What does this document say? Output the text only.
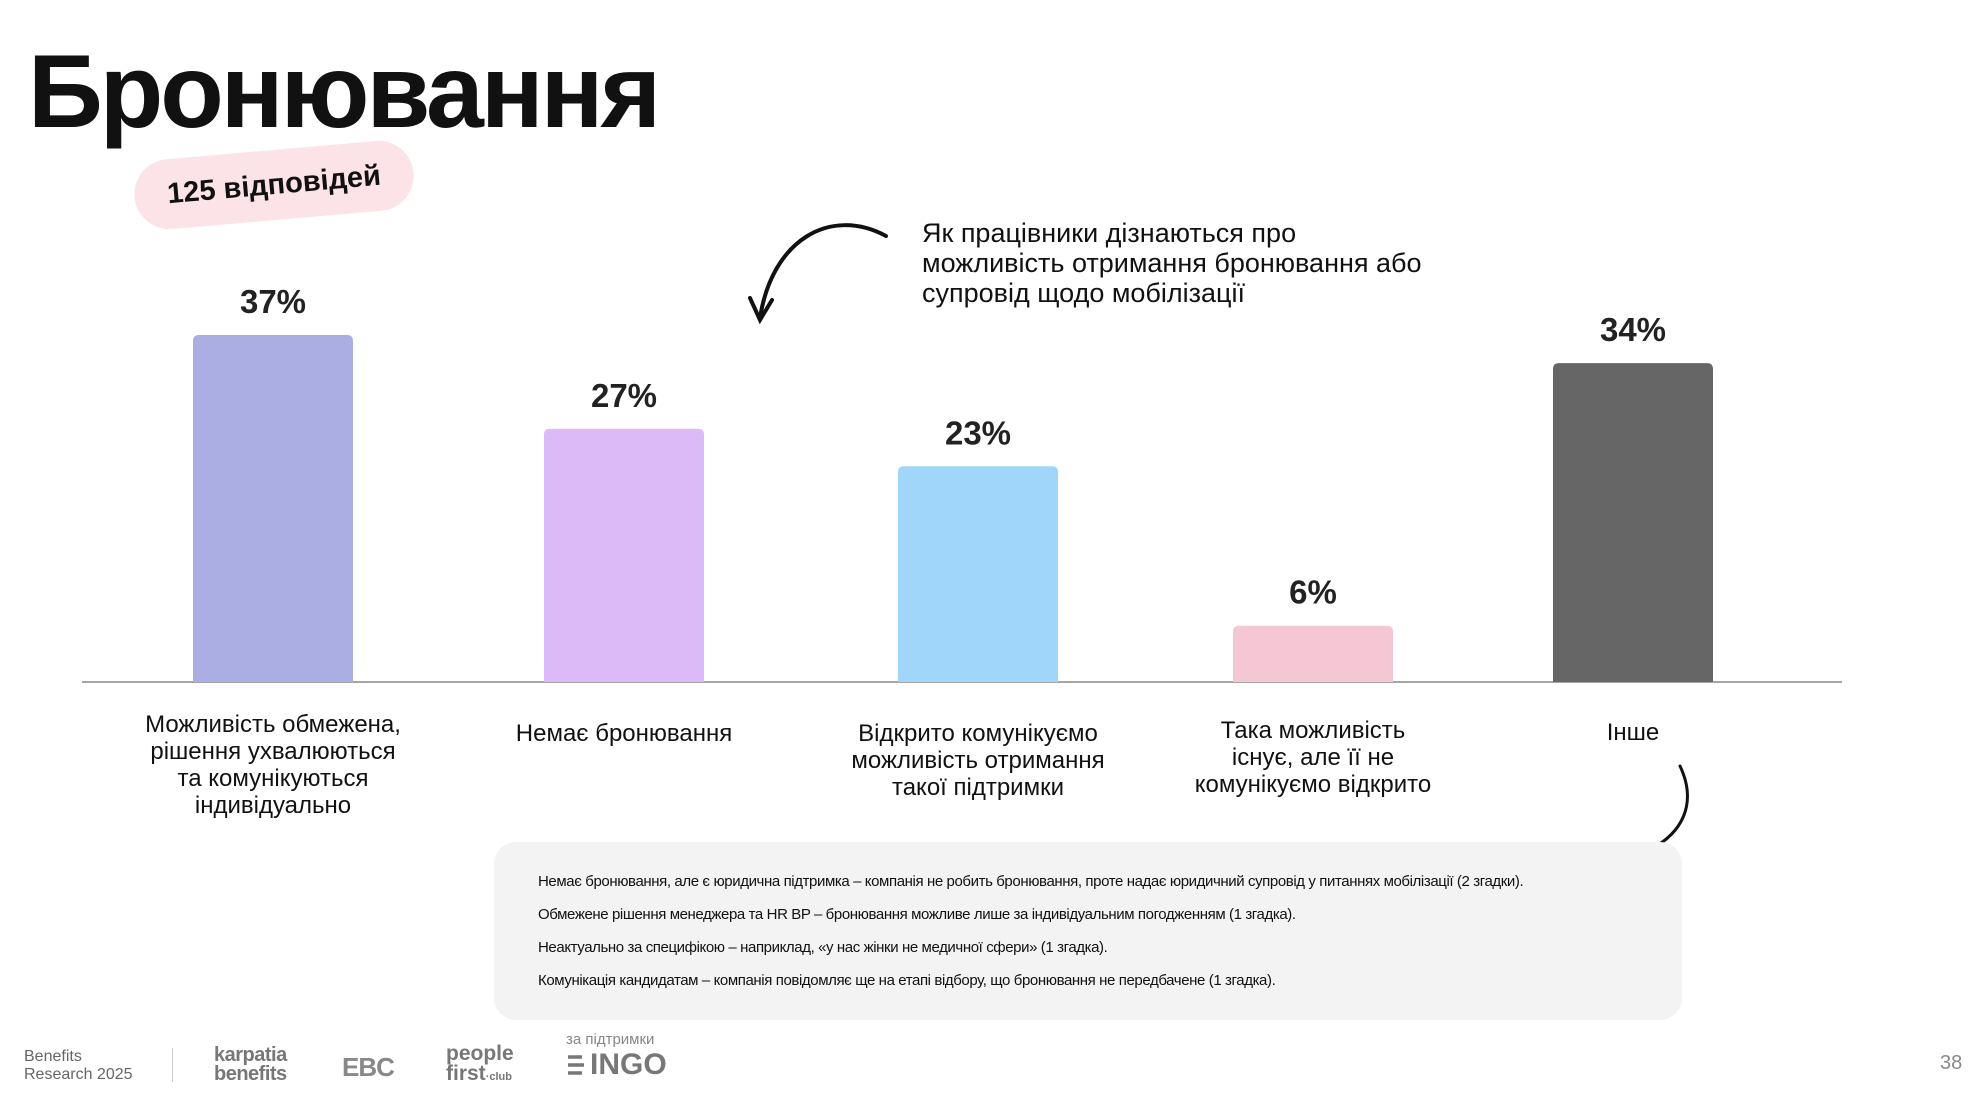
Бронювання
125 відповідей
Як працівники дізнаються про можливість отримання бронювання або супровід щодо мобілізації
37%
Можливість обмежена,
рішення ухвалюються
та комунікуються
індивідуально
27%
Немає бронювання
23%
Відкрито комунікуємо
можливість отримання
такої підтримки
6%
Така можливість
існує, але її не
комунікуємо відкрито
34%
Інше

Немає бронювання, але є юридична підтримка – компанія не робить бронювання, проте надає юридичний супровід у питаннях мобілізації (2 згадки).

Обмежене рішення менеджера та HR BP – бронювання можливе лише за індивідуальним погодженням (1 згадка).

Неактуально за специфікою – наприклад, «у нас жінки не медичної сфери» (1 згадка).

Комунікація кандидатам – компанія повідомляє ще на етапі відбору, що бронювання не передбачене (1 згадка).

Benefits
Research 2025
karpatia
benefits EBC people
first·club
за підтримки
INGO	38
